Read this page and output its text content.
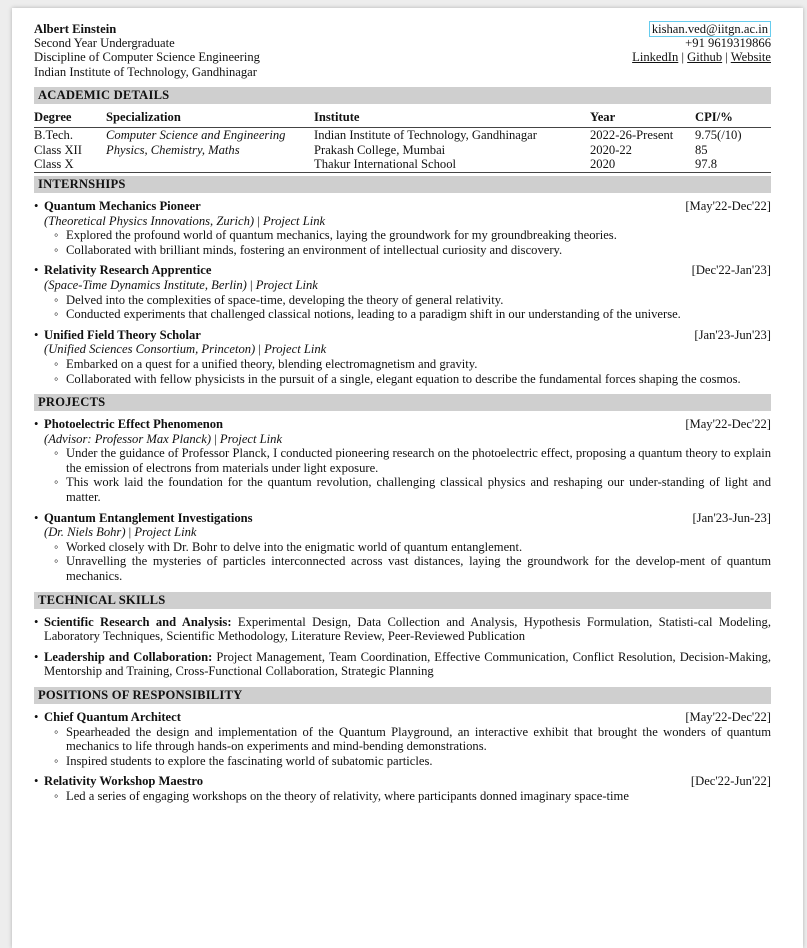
Albert Einstein
Second Year Undergraduate
Discipline of Computer Science Engineering
Indian Institute of Technology, Gandhinagar
kishan.ved@iitgn.ac.in
+91 9619319866
LinkedIn | Github | Website
ACADEMIC DETAILS
Degree	Specialization	Institute	Year	CPI/%
B.Tech.	Computer Science and Engineering	Indian Institute of Technology, Gandhinagar	2022-26-Present	9.75(/10)
Class XII	Physics, Chemistry, Maths	Prakash College, Mumbai	2020-22	85
Class X		Thakur International School	2020	97.8
INTERNSHIPS
• Quantum Mechanics Pioneer	[May'22-Dec'22]
(Theoretical Physics Innovations, Zurich) | Project Link
◦ Explored the profound world of quantum mechanics, laying the groundwork for my groundbreaking theories.
◦ Collaborated with brilliant minds, fostering an environment of intellectual curiosity and discovery.
• Relativity Research Apprentice	[Dec'22-Jan'23]
(Space-Time Dynamics Institute, Berlin) | Project Link
◦ Delved into the complexities of space-time, developing the theory of general relativity.
◦ Conducted experiments that challenged classical notions, leading to a paradigm shift in our understanding of the universe.
• Unified Field Theory Scholar	[Jan'23-Jun'23]
(Unified Sciences Consortium, Princeton) | Project Link
◦ Embarked on a quest for a unified theory, blending electromagnetism and gravity.
◦ Collaborated with fellow physicists in the pursuit of a single, elegant equation to describe the fundamental forces shaping the cosmos.
PROJECTS
• Photoelectric Effect Phenomenon	[May'22-Dec'22]
(Advisor: Professor Max Planck) | Project Link
◦ Under the guidance of Professor Planck, I conducted pioneering research on the photoelectric effect, proposing a quantum theory to explain the emission of electrons from materials under light exposure.
◦ This work laid the foundation for the quantum revolution, challenging classical physics and reshaping our under-standing of light and matter.
• Quantum Entanglement Investigations	[Jan'23-Jun-23]
(Dr. Niels Bohr) | Project Link
◦ Worked closely with Dr. Bohr to delve into the enigmatic world of quantum entanglement.
◦ Unravelling the mysteries of particles interconnected across vast distances, laying the groundwork for the develop-ment of quantum mechanics.
TECHNICAL SKILLS
• Scientific Research and Analysis: Experimental Design, Data Collection and Analysis, Hypothesis Formulation, Statisti-cal Modeling, Laboratory Techniques, Scientific Methodology, Literature Review, Peer-Reviewed Publication
• Leadership and Collaboration: Project Management, Team Coordination, Effective Communication, Conflict Resolution, Decision-Making, Mentorship and Training, Cross-Functional Collaboration, Strategic Planning
POSITIONS OF RESPONSIBILITY
• Chief Quantum Architect	[May'22-Dec'22]
◦ Spearheaded the design and implementation of the Quantum Playground, an interactive exhibit that brought the wonders of quantum mechanics to life through hands-on experiments and mind-bending demonstrations.
◦ Inspired students to explore the fascinating world of subatomic particles.
• Relativity Workshop Maestro	[Dec'22-Jun'22]
◦ Led a series of engaging workshops on the theory of relativity, where participants donned imaginary space-time
